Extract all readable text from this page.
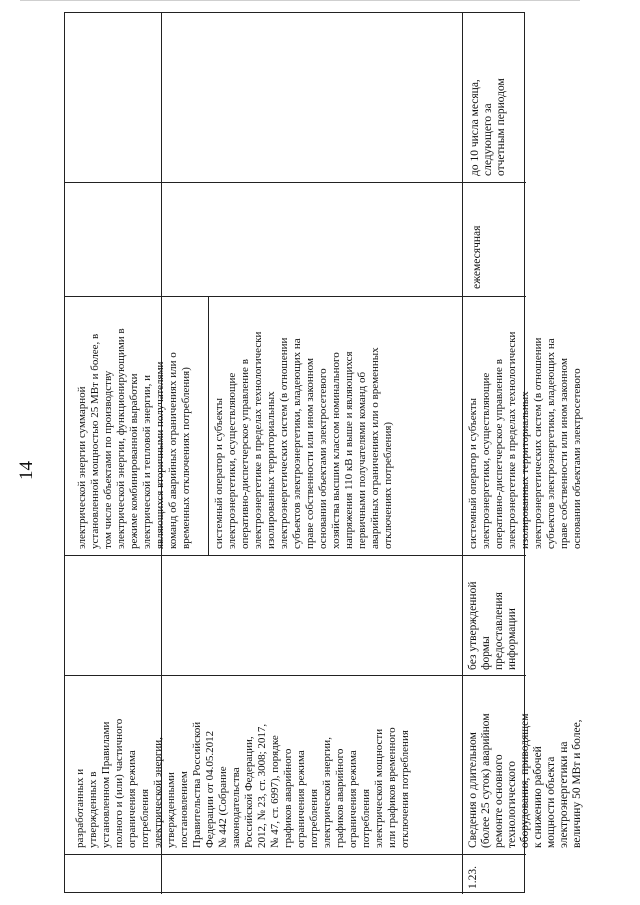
14
разработанных и утвержденных в установленном Правилами полного и (или) частичного ограничения режима потребления электрической энергии, утвержденными постановлением Правительства Российской Федерации от 04.05.2012 № 442 (Собрание законодательства Российской Федерации, 2012, № 23, ст. 3008; 2017, № 47, ст. 6997), порядке графиков аварийного ограничения режима потребления электрической энергии, графиков аварийного ограничения режима потребления электрической мощности или графиков временного отключения потребления
электрической энергии суммарной установленной мощностью 25 МВт и более, в том числе объектами по производству электрической энергии, функционирующими в режиме комбинированной выработки электрической и тепловой энергии, и являющихся вторичными получателями команд об аварийных ограничениях или о временных отключениях потребления) системный оператор и субъекты электроэнергетики, осуществляющие оперативно-диспетчерское управление в электроэнергетике в пределах технологически изолированных территориальных электроэнергетических систем (в отношении субъектов электроэнергетики, владеющих на праве собственности или ином законном основании объектами электросетевого хозяйства высшим классом номинального напряжения 110 кВ и выше и являющихся первичными получателями команд об аварийных ограничениях или о временных отключениях потребления)
1.23.
Сведения о длительном (более 25 суток) аварийном ремонте основного технологического оборудования, приводящем к снижению рабочей мощности объекта электроэнергетики на величину 50 МВт и более,
без утвержденной формы предоставления информации
системный оператор и субъекты электроэнергетики, осуществляющие оперативно-диспетчерское управление в электроэнергетике в пределах технологически изолированных территориальных электроэнергетических систем (в отношении субъектов электроэнергетики, владеющих на праве собственности или ином законном основании объектами электросетевого
ежемесячная
до 10 числа месяца, следующего за отчетным периодом
